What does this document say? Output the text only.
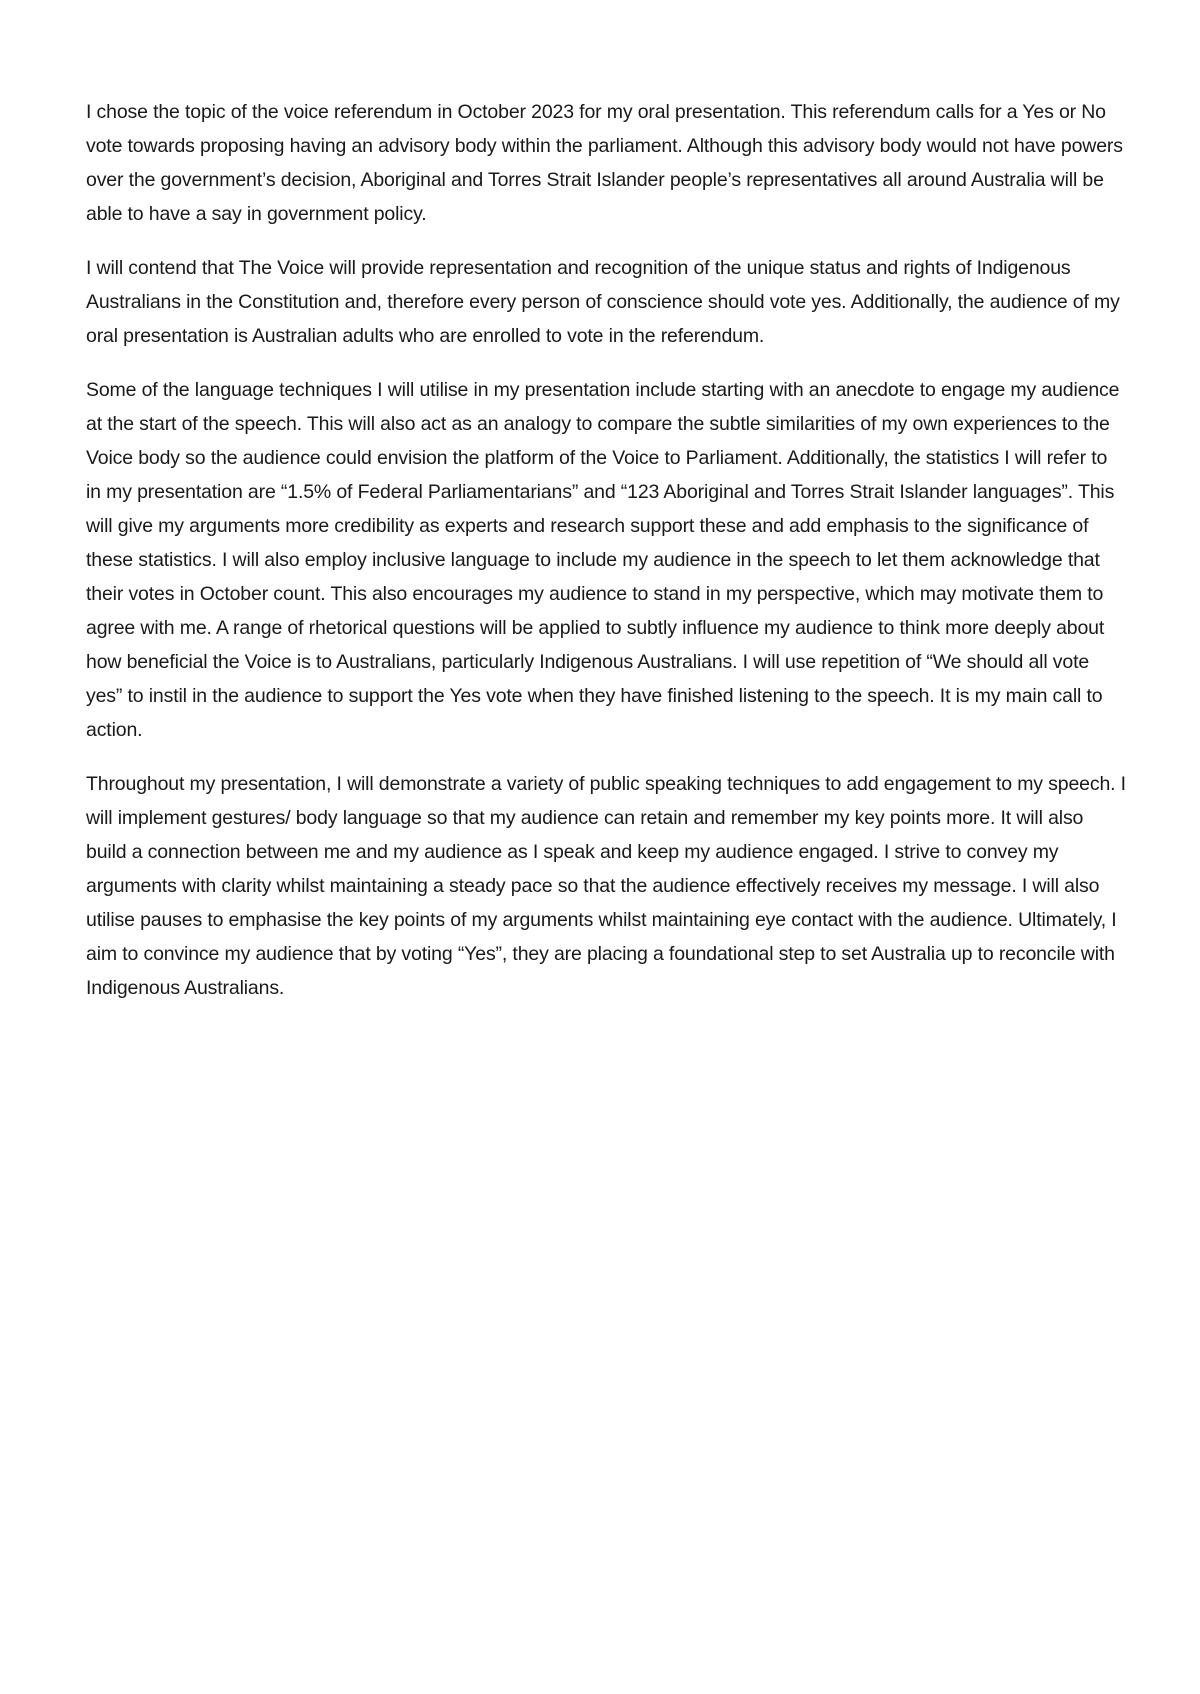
I chose the topic of the voice referendum in October 2023 for my oral presentation. This referendum calls for a Yes or No vote towards proposing having an advisory body within the parliament. Although this advisory body would not have powers over the government’s decision, Aboriginal and Torres Strait Islander people’s representatives all around Australia will be able to have a say in government policy.

I will contend that The Voice will provide representation and recognition of the unique status and rights of Indigenous Australians in the Constitution and, therefore every person of conscience should vote yes. Additionally, the audience of my oral presentation is Australian adults who are enrolled to vote in the referendum.

Some of the language techniques I will utilise in my presentation include starting with an anecdote to engage my audience at the start of the speech. This will also act as an analogy to compare the subtle similarities of my own experiences to the Voice body so the audience could envision the platform of the Voice to Parliament. Additionally, the statistics I will refer to in my presentation are “1.5% of Federal Parliamentarians” and “123 Aboriginal and Torres Strait Islander languages”. This will give my arguments more credibility as experts and research support these and add emphasis to the significance of these statistics. I will also employ inclusive language to include my audience in the speech to let them acknowledge that their votes in October count. This also encourages my audience to stand in my perspective, which may motivate them to agree with me. A range of rhetorical questions will be applied to subtly influence my audience to think more deeply about how beneficial the Voice is to Australians, particularly Indigenous Australians. I will use repetition of “We should all vote yes” to instil in the audience to support the Yes vote when they have finished listening to the speech. It is my main call to action.

Throughout my presentation, I will demonstrate a variety of public speaking techniques to add engagement to my speech. I will implement gestures/ body language so that my audience can retain and remember my key points more. It will also build a connection between me and my audience as I speak and keep my audience engaged. I strive to convey my arguments with clarity whilst maintaining a steady pace so that the audience effectively receives my message. I will also utilise pauses to emphasise the key points of my arguments whilst maintaining eye contact with the audience. Ultimately, I aim to convince my audience that by voting “Yes”, they are placing a foundational step to set Australia up to reconcile with Indigenous Australians.
